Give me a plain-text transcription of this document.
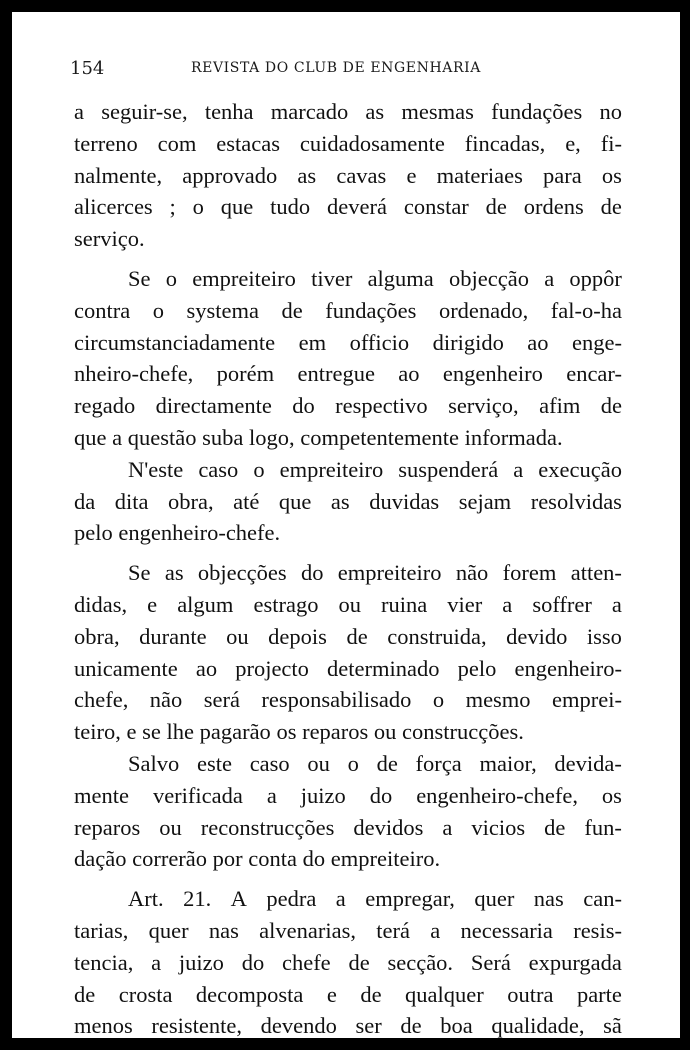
154	REVISTA DO CLUB DE ENGENHARIA
a seguir-se, tenha marcado as mesmas fundações no
terreno com estacas cuidadosamente fincadas, e, fi-
nalmente, approvado as cavas e materiaes para os
alicerces ; o que tudo deverá constar de ordens de
serviço.
Se o empreiteiro tiver alguma objecção a oppôr
contra o systema de fundações ordenado, fal-o-ha
circumstanciadamente em officio dirigido ao enge-
nheiro-chefe, porém entregue ao engenheiro encar-
regado directamente do respectivo serviço, afim de
que a questão suba logo, competentemente informada.
N'este caso o empreiteiro suspenderá a execução
da dita obra, até que as duvidas sejam resolvidas
pelo engenheiro-chefe.
Se as objecções do empreiteiro não forem atten-
didas, e algum estrago ou ruina vier a soffrer a
obra, durante ou depois de construida, devido isso
unicamente ao projecto determinado pelo engenheiro-
chefe, não será responsabilisado o mesmo emprei-
teiro, e se lhe pagarão os reparos ou construcções.
Salvo este caso ou o de força maior, devida-
mente verificada a juizo do engenheiro-chefe, os
reparos ou reconstrucções devidos a vicios de fun-
dação correrão por conta do empreiteiro.
Art. 21. A pedra a empregar, quer nas can-
tarias, quer nas alvenarias, terá a necessaria resis-
tencia, a juizo do chefe de secção. Será expurgada
de crosta decomposta e de qualquer outra parte
menos resistente, devendo ser de boa qualidade, sã
